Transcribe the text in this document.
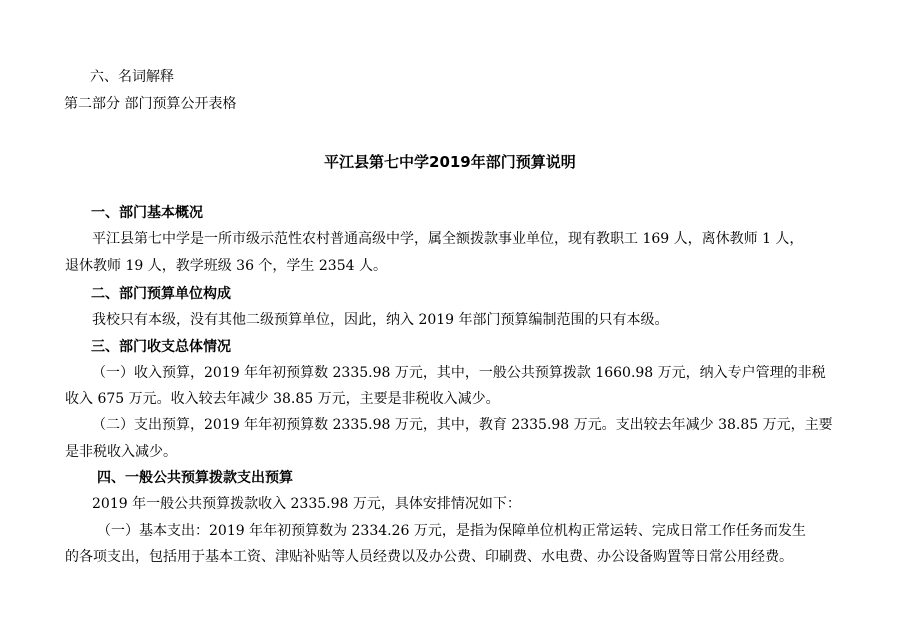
六、名词解释
第二部分 部门预算公开表格
平江县第七中学2019年部门预算说明
一、部门基本概况
平江县第七中学是一所市级示范性农村普通高级中学，属全额拨款事业单位，现有教职工 169 人，离休教师 1 人，
退休教师 19 人，教学班级 36 个，学生 2354 人。
二、部门预算单位构成
我校只有本级，没有其他二级预算单位，因此，纳入 2019 年部门预算编制范围的只有本级。
三、部门收支总体情况
（一）收入预算，2019 年年初预算数 2335.98 万元，其中，一般公共预算拨款 1660.98 万元，纳入专户管理的非税
收入 675 万元。收入较去年减少 38.85 万元，主要是非税收入减少。
（二）支出预算，2019 年年初预算数 2335.98 万元，其中，教育 2335.98 万元。支出较去年减少 38.85 万元，主要
是非税收入减少。
四、一般公共预算拨款支出预算
2019 年一般公共预算拨款收入 2335.98 万元，具体安排情况如下：
（一）基本支出：2019 年年初预算数为 2334.26 万元，是指为保障单位机构正常运转、完成日常工作任务而发生
的各项支出，包括用于基本工资、津贴补贴等人员经费以及办公费、印刷费、水电费、办公设备购置等日常公用经费。
